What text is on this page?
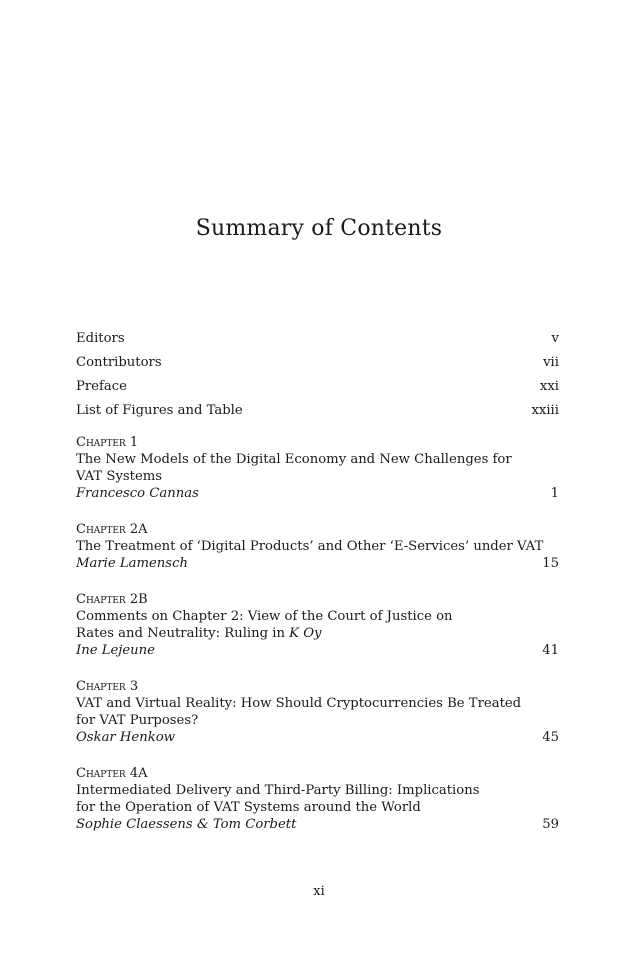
Summary of Contents
Editors	v
Contributors	vii
Preface	xxi
List of Figures and Table	xxiii
Chapter 1
The New Models of the Digital Economy and New Challenges for VAT Systems
Francesco Cannas	1
Chapter 2A
The Treatment of ‘Digital Products’ and Other ‘E-Services’ under VAT
Marie Lamensch	15
Chapter 2B
Comments on Chapter 2: View of the Court of Justice on Rates and Neutrality: Ruling in K Oy
Ine Lejeune	41
Chapter 3
VAT and Virtual Reality: How Should Cryptocurrencies Be Treated for VAT Purposes?
Oskar Henkow	45
Chapter 4A
Intermediated Delivery and Third-Party Billing: Implications for the Operation of VAT Systems around the World
Sophie Claessens & Tom Corbett	59
xi
